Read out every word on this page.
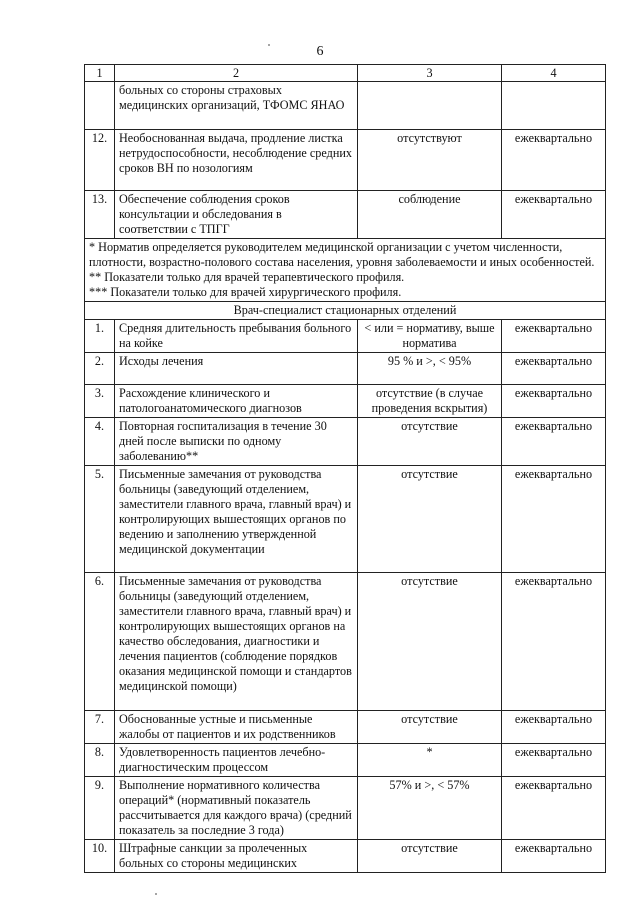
6
1	2	3	4
	больных со стороны страховых медицинских организаций, ТФОМС ЯНАО		
12.	Необоснованная выдача, продление листка нетрудоспособности, несоблюдение средних сроков ВН по нозологиям	отсутствуют	ежеквартально
13.	Обеспечение соблюдения сроков консультации и обследования в соответствии с ТПГГ	соблюдение	ежеквартально

* Норматив определяется руководителем медицинской организации с учетом численности, плотности, возрастно-полового состава населения, уровня заболеваемости и иных особенностей.
** Показатели только для врачей терапевтического профиля.
*** Показатели только для врачей хирургического профиля.			

Врач-специалист стационарных отделений			
1.	Средняя длительность пребывания больного на койке	< или = нормативу, выше норматива	ежеквартально
2.	Исходы лечения	95 % и >, < 95%	ежеквартально
3.	Расхождение клинического и патологоанатомического диагнозов	отсутствие (в случае проведения вскрытия)	ежеквартально
4.	Повторная госпитализация в течение 30 дней после выписки по одному заболеванию**	отсутствие	ежеквартально
5.	Письменные замечания от руководства больницы (заведующий отделением, заместители главного врача, главный врач) и контролирующих вышестоящих органов по ведению и заполнению утвержденной медицинской документации	отсутствие	ежеквартально
6.	Письменные замечания от руководства больницы (заведующий отделением, заместители главного врача, главный врач) и контролирующих вышестоящих органов на качество обследования, диагностики и лечения пациентов (соблюдение порядков оказания медицинской помощи и стандартов медицинской помощи)	отсутствие	ежеквартально
7.	Обоснованные устные и письменные жалобы от пациентов и их родственников	отсутствие	ежеквартально
8.	Удовлетворенность пациентов лечебно-диагностическим процессом	*	ежеквартально
9.	Выполнение нормативного количества операций* (нормативный показатель рассчитывается для каждого врача) (средний показатель за последние 3 года)	57% и >, < 57%	ежеквартально
10.	Штрафные санкции за пролеченных больных со стороны медицинских	отсутствие	ежеквартально
